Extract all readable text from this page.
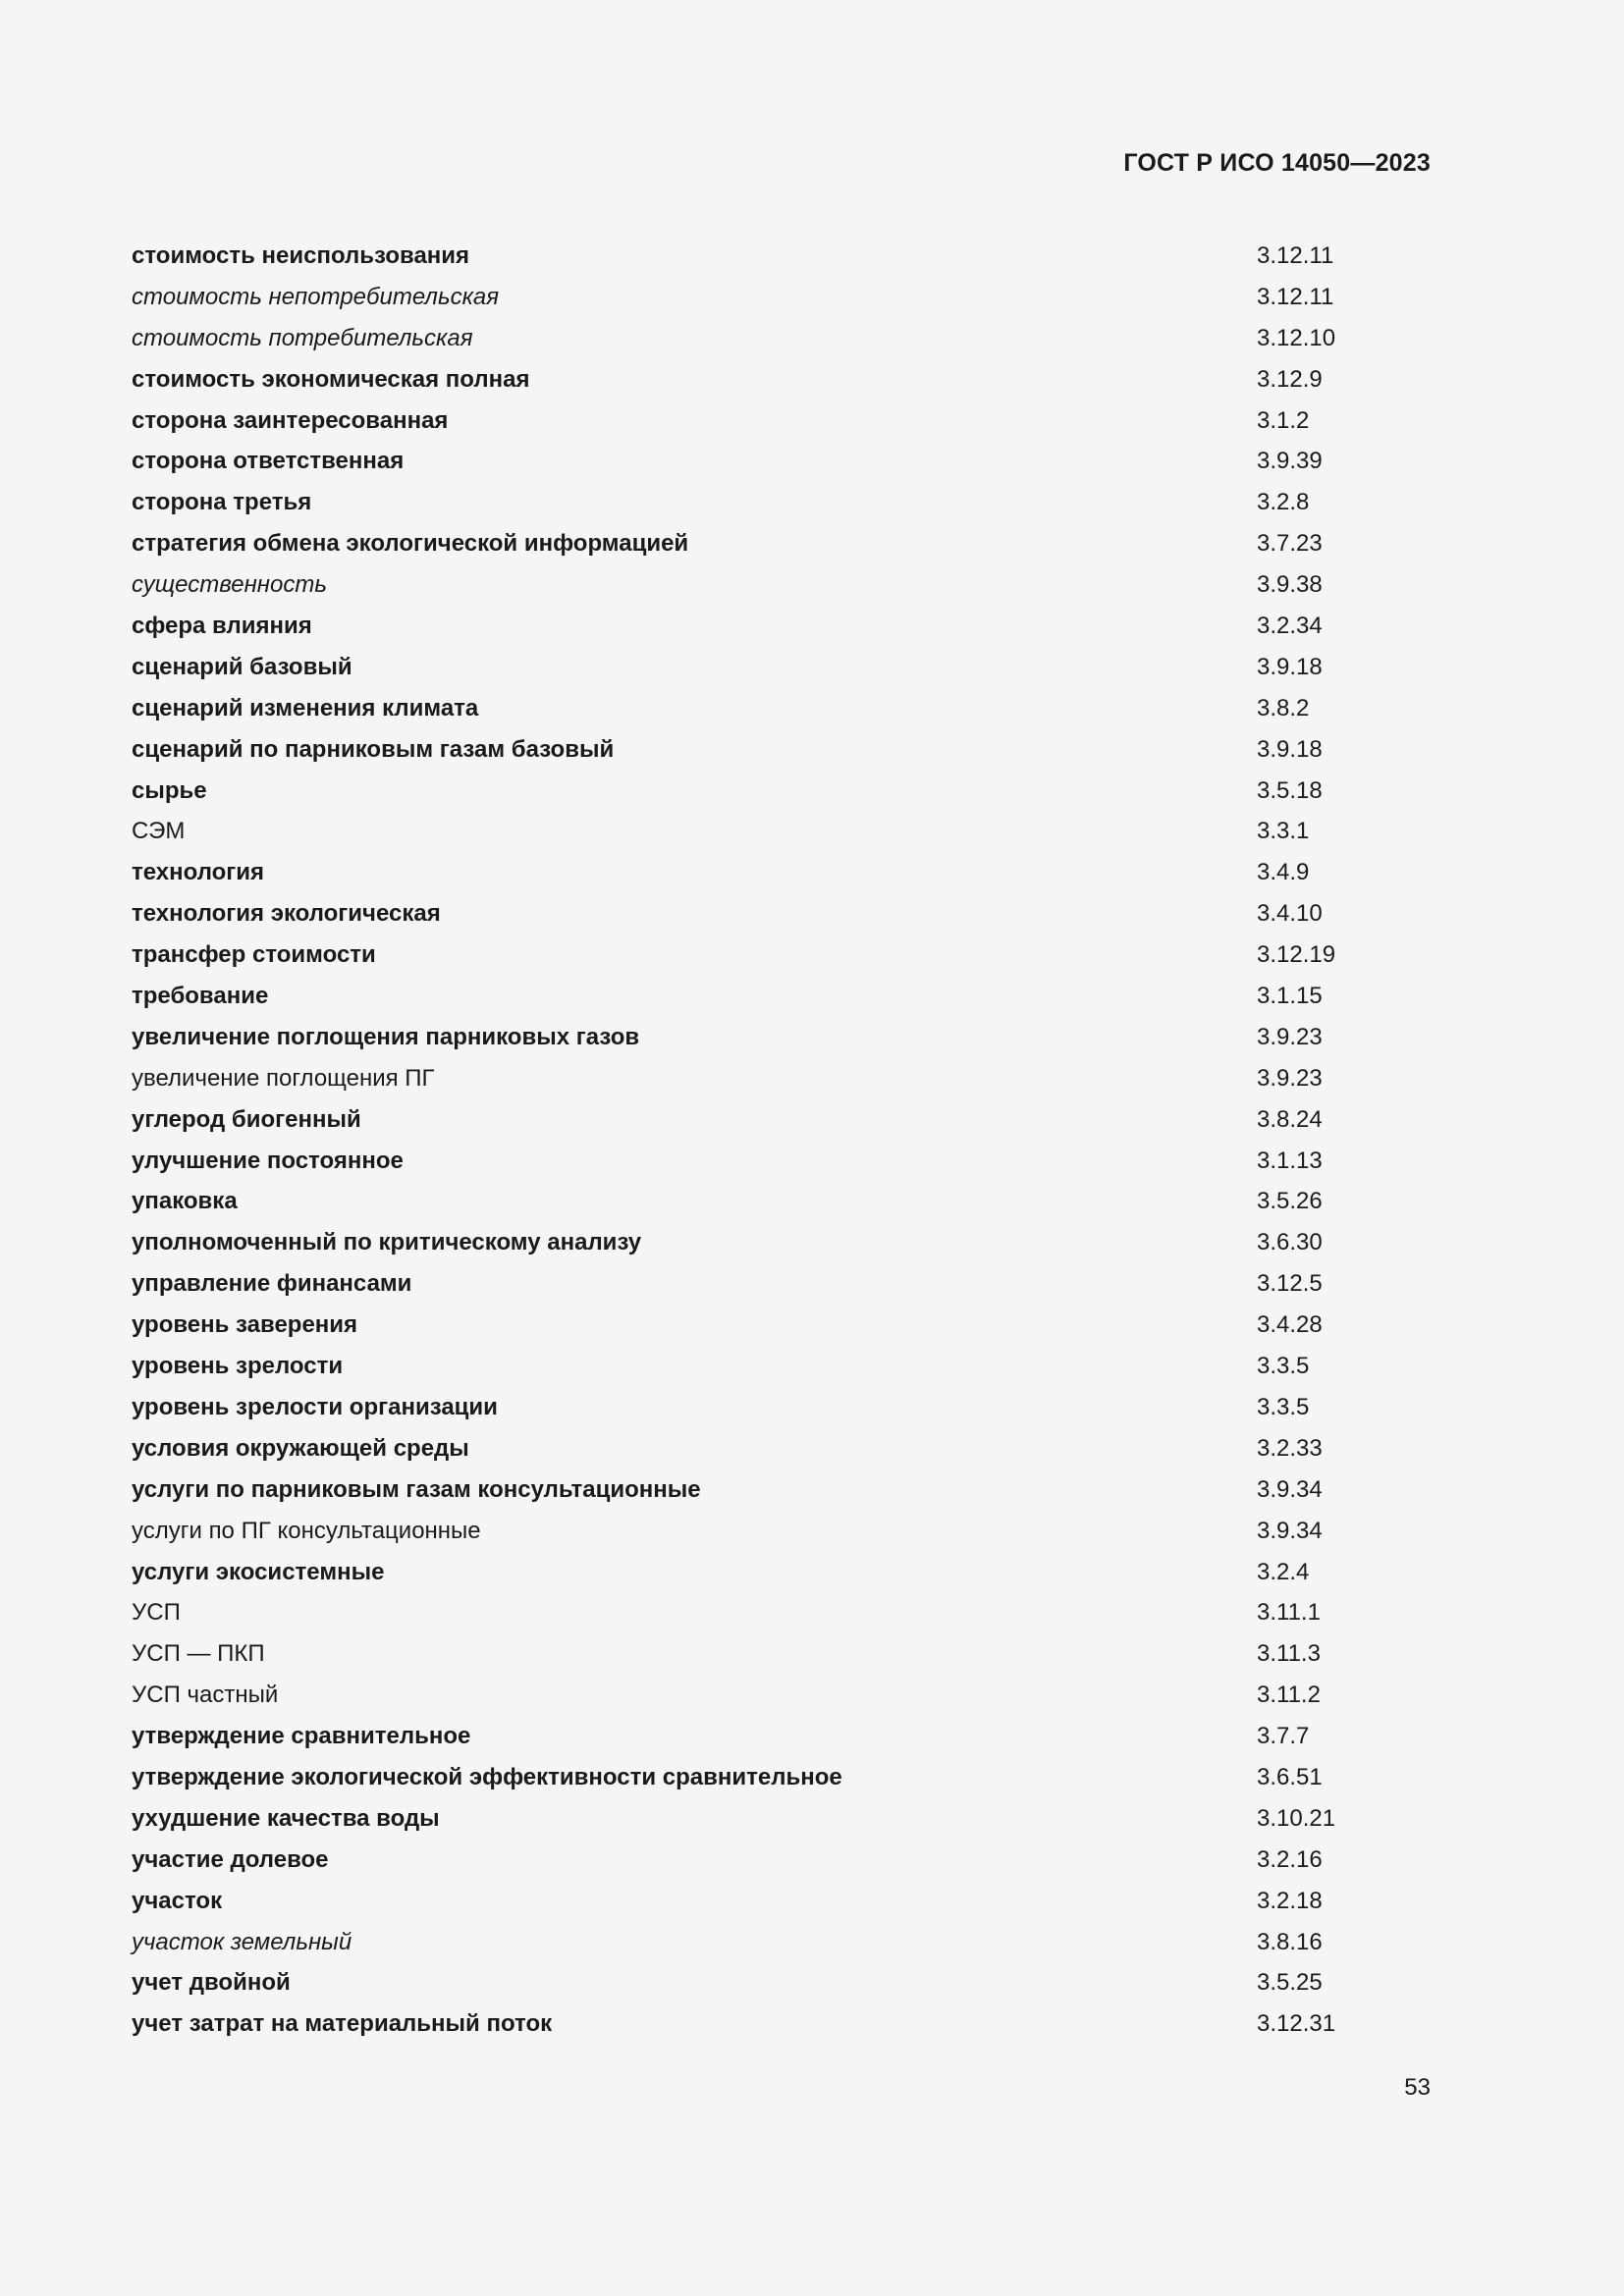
ГОСТ Р ИСО 14050—2023
стоимость неиспользования	3.12.11
стоимость непотребительская	3.12.11
стоимость потребительская	3.12.10
стоимость экономическая полная	3.12.9
сторона заинтересованная	3.1.2
сторона ответственная	3.9.39
сторона третья	3.2.8
стратегия обмена экологической информацией	3.7.23
существенность	3.9.38
сфера влияния	3.2.34
сценарий базовый	3.9.18
сценарий изменения климата	3.8.2
сценарий по парниковым газам базовый	3.9.18
сырье	3.5.18
СЭМ	3.3.1
технология	3.4.9
технология экологическая	3.4.10
трансфер стоимости	3.12.19
требование	3.1.15
увеличение поглощения парниковых газов	3.9.23
увеличение поглощения ПГ	3.9.23
углерод биогенный	3.8.24
улучшение постоянное	3.1.13
упаковка	3.5.26
уполномоченный по критическому анализу	3.6.30
управление финансами	3.12.5
уровень заверения	3.4.28
уровень зрелости	3.3.5
уровень зрелости организации	3.3.5
условия окружающей среды	3.2.33
услуги по парниковым газам консультационные	3.9.34
услуги по ПГ консультационные	3.9.34
услуги экосистемные	3.2.4
УСП	3.11.1
УСП — ПКП	3.11.3
УСП частный	3.11.2
утверждение сравнительное	3.7.7
утверждение экологической эффективности сравнительное	3.6.51
ухудшение качества воды	3.10.21
участие долевое	3.2.16
участок	3.2.18
участок земельный	3.8.16
учет двойной	3.5.25
учет затрат на материальный поток	3.12.31
53
